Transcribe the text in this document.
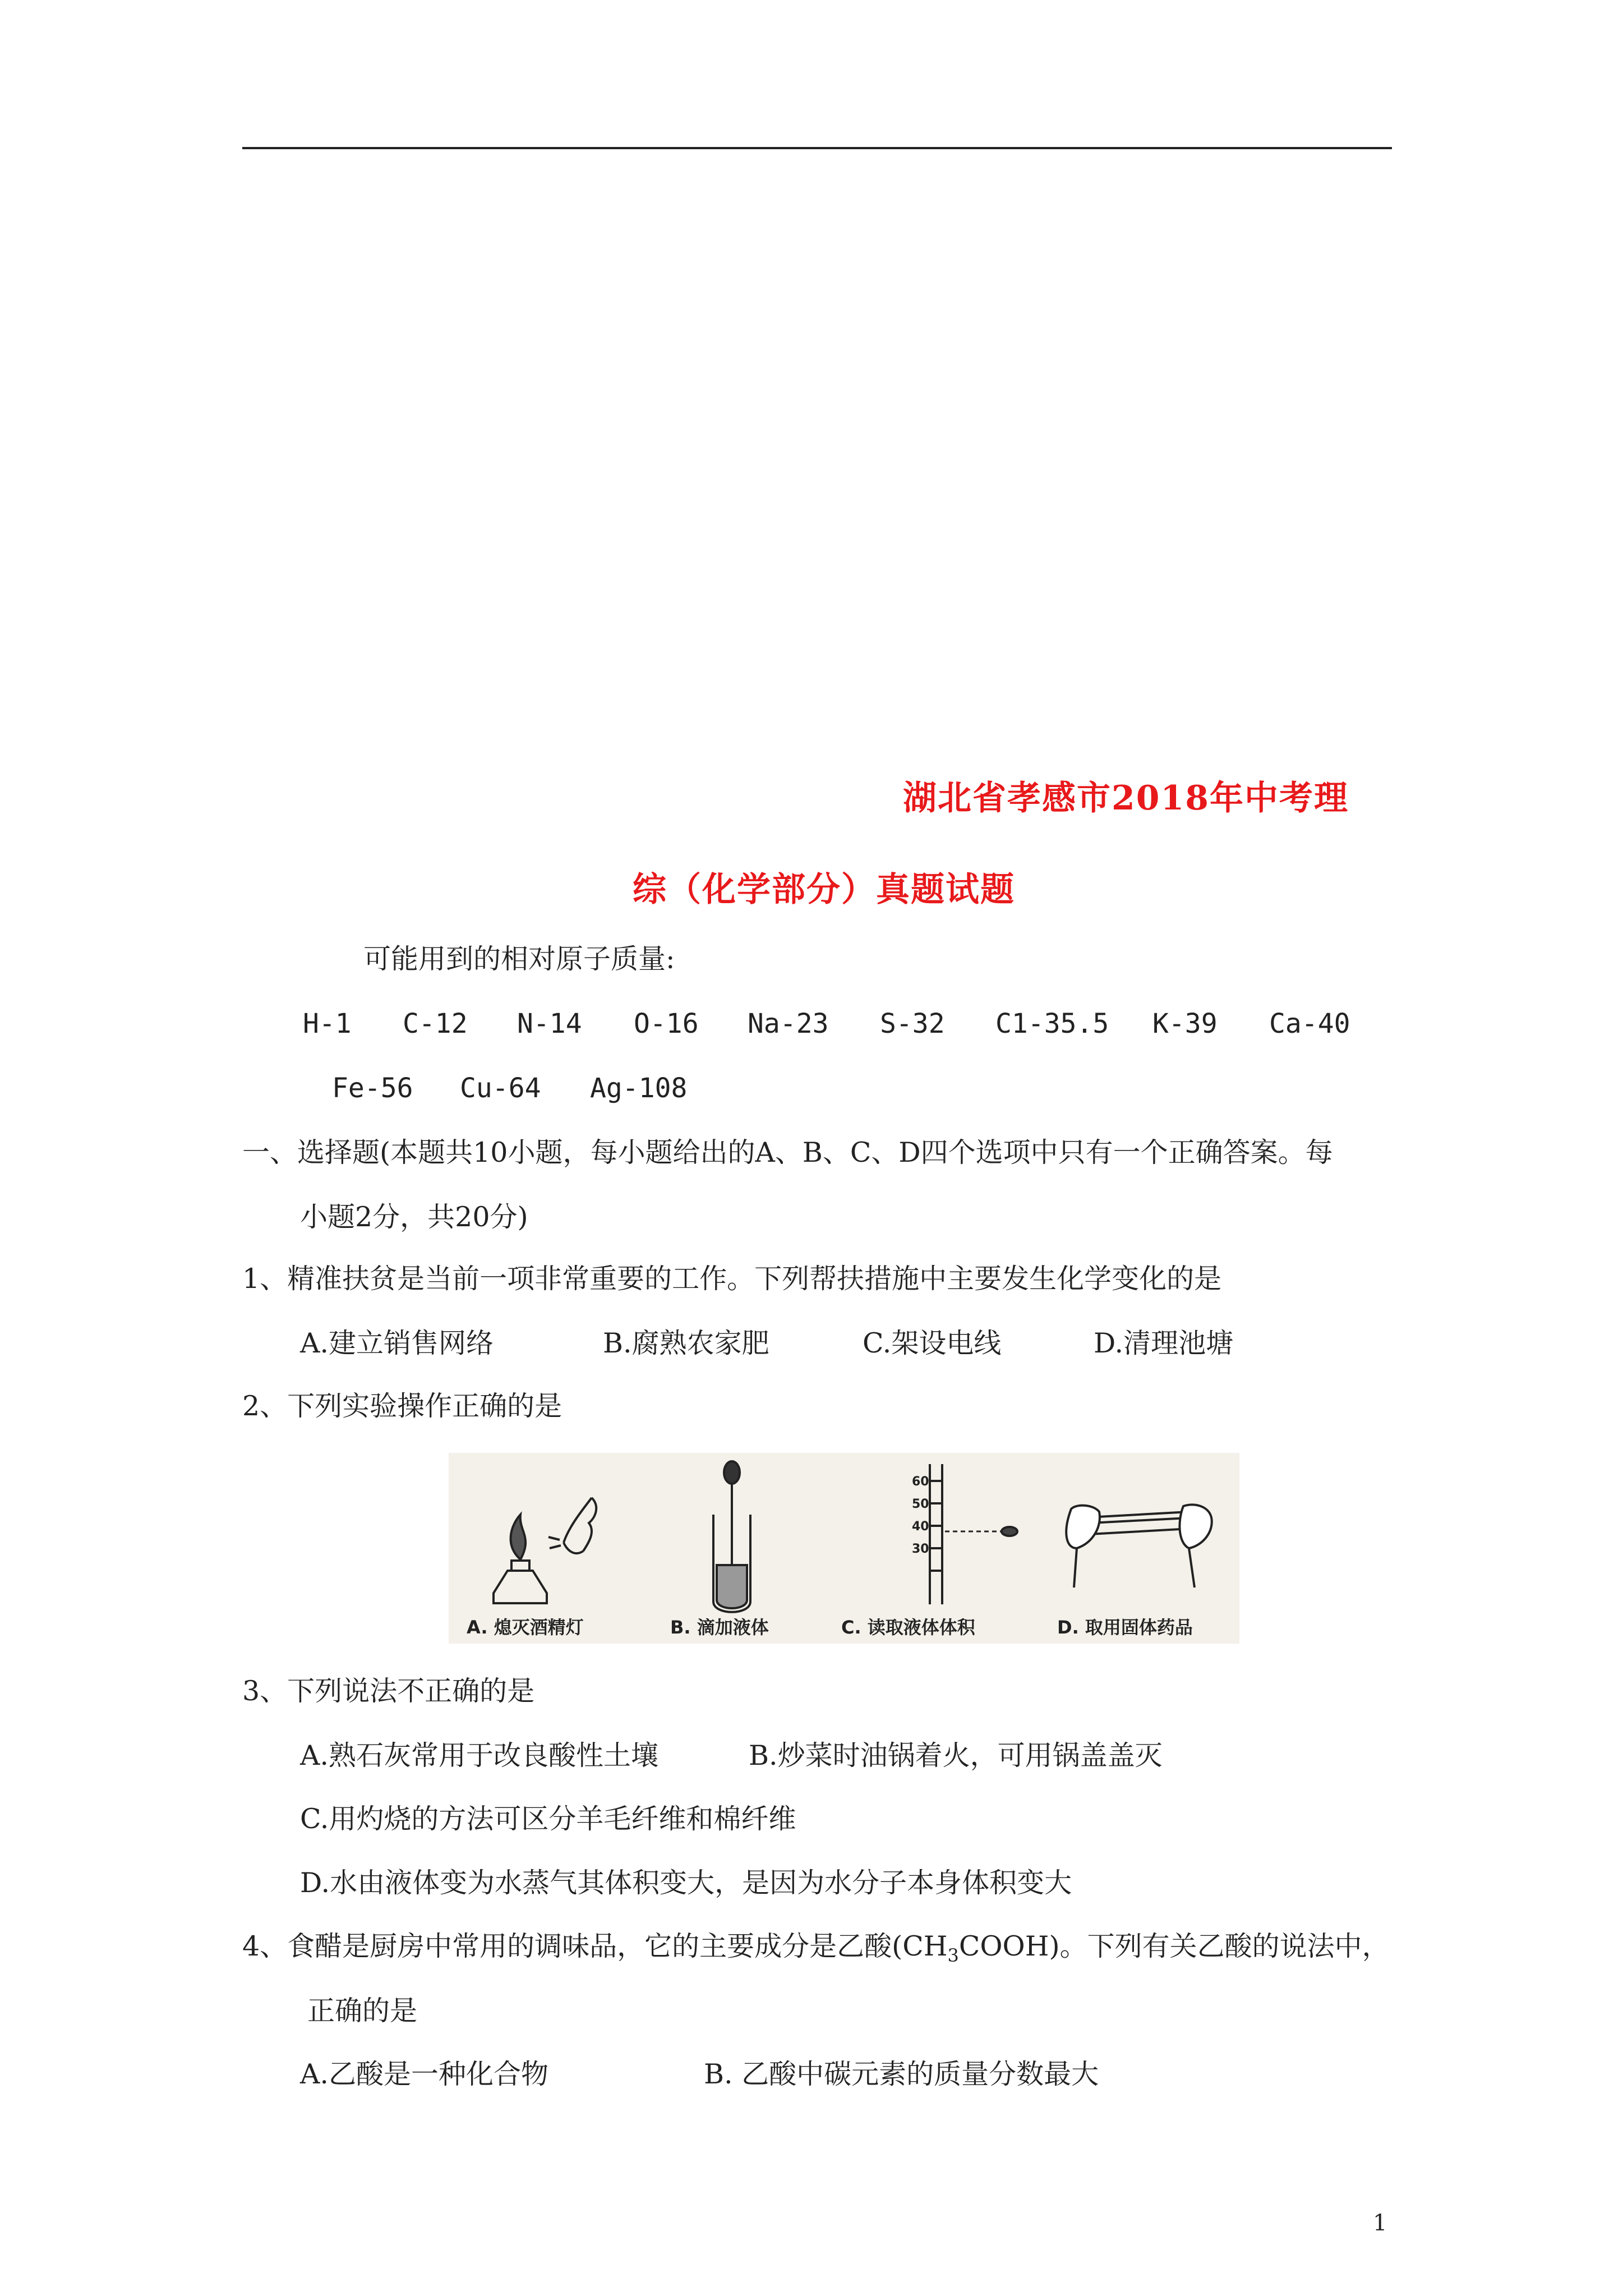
湖北省孝感市2018年中考理
综（化学部分）真题试题
可能用到的相对原子质量:
H-1 C-12 N-14 O-16 Na-23 S-32 C1-35.5 K-39 Ca-40
Fe-56 Cu-64 Ag-108
一、选择题(本题共10小题，每小题给出的A、B、C、D四个选项中只有一个正确答案。每
小题2分，共20分)
1、精准扶贫是当前一项非常重要的工作。下列帮扶措施中主要发生化学变化的是
A.建立销售网络	B.腐熟农家肥	C.架设电线	D.清理池塘
2、下列实验操作正确的是
60
50
40
30
A. 熄灭酒精灯	B. 滴加液体	C. 读取液体体积	D. 取用固体药品
3、下列说法不正确的是
A.熟石灰常用于改良酸性土壤	B.炒菜时油锅着火，可用锅盖盖灭
C.用灼烧的方法可区分羊毛纤维和棉纤维
D.水由液体变为水蒸气其体积变大，是因为水分子本身体积变大
4、食醋是厨房中常用的调味品，它的主要成分是乙酸$(CH_3COOH)$。下列有关乙酸的说法中，
正确的是
A.乙酸是一种化合物	B. 乙酸中碳元素的质量分数最大
1
